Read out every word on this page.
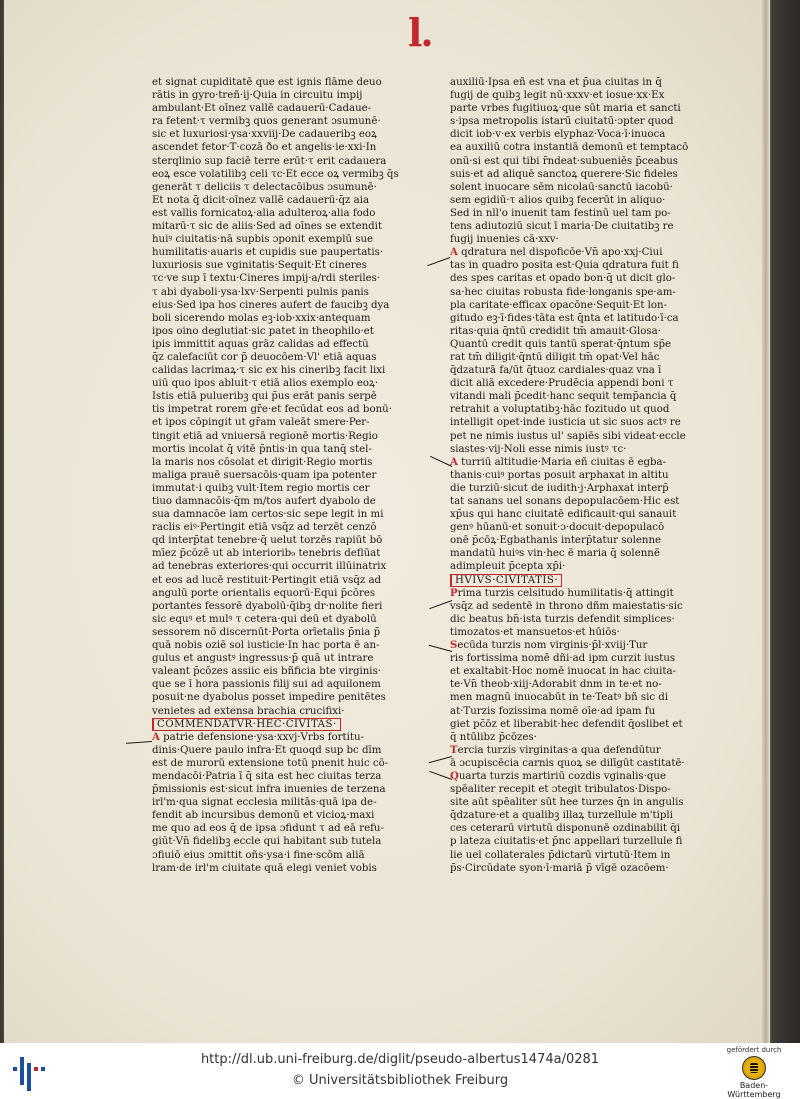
l.
et signat cupiditatē que est ignis flāme deuo
rātis in gyro·treñ·ij·Quia in circuitu impij
ambulant·Et oīnez vallē cadauerū·Cadaue-
ra fetent·τ vermibꝫ quos generant ɔsumunē·
sic et luxuriosi·ysa·xxviij·De cadaueribꝫ eoꝝ
ascendet fetor·T·cozā ðo et angelis·ie·xxi·In
sterqlinio sup faciē terre erūt·τ erit cadauera
eoꝝ esce volatilibꝫ celi τc·Et ecce oꝝ vermibꝫ q̄s
generāt τ deliciis τ delectacōibus ɔsumunē·
Et nota q̄ dicit·oīnez vallē cadauerū·q̄z aia
est vallis fornicatoꝝ·alia adulteroꝝ·alia fodo
mitarū·τ sic de aliis·Sed ad oīnes se extendit
huiꝰ ciuitatis·nā supbis ɔponit exemplū sue
humilitatis·auaris et cupidis sue paupertatis·
luxuriosis sue vginitatis·Sequit·Et cineres
τc·ve sup ī textu·Cineres impij·a/rdi steriles·
τ abi dyaboli·ysa·lxv·Serpenti pulnis panis
eius·Sed ipa hos cineres aufert de faucibꝫ dya
boli sicerendo molas eꝫ·iob·xxix·antequam
ipos oino deglutiat·sic patet in theophilo·et
ipis immittit aquas grāz calidas ad effectū
q̄z calefaciūt cor p̄ deuocōem·Vl' etiā aquas
calidas lacrimaꝝ·τ sic ex his cineribꝫ facit lixi
uiū quo ipos abluit·τ etiā alios exemplo eoꝝ·
Istis etiā pulueribꝫ qui p̄us erāt panis serpē
tis impetrat rorem gr̄e·et fecūdat eos ad bonū·
et ipos cōpingit ut gr̄am valeāt smere·Per-
tingit etiā ad vniuersā regionē mortis·Regio
mortis incolat q̄ vitē p̄ntis·in qua tanq̄ stel-
la maris nos cōsolat et dirigit·Regio mortis
maliga prauē suersacōis·quam ipa potenter
immutat·i quibꝫ vult·Item regio mortis cer
tiuo damnacōis·q̄m m/tos aufert dyabolo de
sua damnacōe iam certos·sic sepe legit in mi
raclis eiꝰ·Pertingit etiā vsq̄z ad terzēt cenzō
qd interp̄tat tenebre·q̄ uelut torzēs rapiūt bō
mīez p̄cōzē ut ab interiorib₉ tenebris deflūat
ad tenebras exteriores·qui occurrit illūinatrix
et eos ad lucē restituit·Pertingit etiā vsq̄z ad
angulū porte orientalis equorū·Equi p̄cōres
portantes fessorē dyabolū·q̄ibꝫ d̄r·nolite fieri
sic equꝰ et mulꝰ τ cetera·qui deū et dyabolū
sessorem nō discernūt·Porta orīetalis p̄nia p̄
quā nobis oziē sol iusticie·In hac porta ē an-
gulus et angustꝰ ingressus·p̄ quā ut intrare
valeant p̄cōzes assiic eis bñficia bte virginis·
que se ī hora passionis filij sui ad aquilonem
posuit·ne dyabolus posset impedire penitētes
venietes ad extensa brachia crucifixi·
COMMENDATVR·HEC·CIVITAS·
A patrie defensione·ysa·xxvj·Vrbs fortitu-
dinis·Quere paulo infra·Et quoqd sup b̄c dīm
est de murorū extensione totū pnenit huic cō-
mendacōi·Patria ī q̄ sita est hec ciuitas terza
p̄missionis est·sicut infra inuenies de terzena
irl'm·qua signat ecclesia militās·quā ipa de-
fendit ab incursibus demonū et vicioꝝ·maxi
me quo ad eos q̄ de ipsa ɔfidunt τ ad eā refu-
giūt·Vn̄ fidelibꝫ eccle qui habitant sub tutela
ɔfiuiō eius ɔmittit oñs·ysa·i fine·scōm aliā
lram·de irl'm ciuitate quā elegi veniet vobis
auxiliū·Ipsa eñ est vna et p̄ua ciuitas in q̄
fugij de quibꝫ legit nū·xxxv·et iosue·xx·Ex
parte vrbes fugitiuoꝝ·que sūt maria et sancti
s·ipsa metropolis istarū ciuitatū·ɔpter quod
dicit iob·v·ex verbis elyphaz·Voca·ī·inuoca
ea auxiliū cotra instantiā demonū et temptacō
onū·si est qui tibi r̄ndeat·subueniēs p̄ceabus
suis·et ad aliquē sanctoꝝ querere·Sic fideles
solent inuocare sēm nicolaū·sanctū iacobū·
sem egidiū·τ alios quibꝫ fecerūt in aliquo·
Sed in nll'o inuenit tam festinū uel tam po-
tens adiutoziū sicut ī maria·De ciuitatibꝫ re
fugij inuenies cā·xxv·
A qdratura nel dispoficōe·Vn̄ apo·xxj·Ciui
tas in quadro posita est·Quia qdratura fuit fi
des spes caritas et opado bon·q̄ ut dicit glo-
sa·hec ciuitas robusta fide·longanis spe·am-
pla caritate·efficax opacōne·Sequit·Et lon-
gitudo eꝫ·ī·fides·tāta est q̄nta et latitudo·ī·ca
ritas·quia q̄ntū credidit tm̄ amauit·Glosa·
Quantū credit quis tantū sperat·q̄ntum sp̄e
rat tm̄ diligit·q̄ntū diligit tm̄ opat·Vel hāc
q̄dzaturā fa/ūt q̄tuoz cardiales·quaz vna ī
dicit aliā excedere·Prudēcia appendi boni τ
vitandi mali p̄cedit·hanc sequit temp̄ancia q̄
retrahit a voluptatibꝫ·hāc fozitudo ut quod
intelligit opet·inde iusticia ut sic suos actꝰ re
pet ne nimis iustus ul' sapiēs sibi videat·eccle
siastes·vij·Noli esse nimis iustꝰ τc·
A turriū altitudie·Maria eñ ciuitas ē egba-
thanis·cuiꝰ portas posuit arphaxat in altitu
die turziū·sicut de iudith·j·Arphaxat interp̄
tat sanans uel sonans depopulacōem·Hic est
xp̄us qui hanc ciuitatē edificauit·qui sanauit
genꝰ hūanū·et sonuit·ɔ·docuit·depopulacō
onē p̄cōꝝ·Egbathanis interp̄tatur solenne
mandatū huiꝰs vin·hec ē maria q̄ solennē
adimpleuit p̄cepta xp̄i·
HVIVS·CIVITATIS·
Prima turzis celsitudo humilitatis·q̄ attingit
vsq̄z ad sedentē in throno dñm maiestatis·sic
dic beatus bn̄·ista turzis defendit simplices·
timozatos·et mansuetos·et hūiōs·
Secūda turzis nom virginis·p̄l·xviij·Tur
ris fortissima nomē dñi·ad ipm curzit iustus
et exaltabit·Hoc nomē inuocat in hac ciuita-
te·Vn̄ theob·xiij·Adorabit dnm in te·et no-
men magnū inuocabūt in te·Teatꝰ bñ sic di
at·Turzis fozissima nomē oīe·ad ipam fu
giet pc̄ōz et liberabit·hec defendit q̄oslibet et
q̄ ntūlibz p̄cōzes·
Tercia turzis virginitas·a qua defendūtur
ā ɔcupiscēcia carnis quoꝝ se dilīgūt castitatē·
Quarta turzis martiriū cozdis vginalis·que
spēaliter recepit et ɔtegit tribulatos·Dispo-
site aūt spēaliter sūt hee turzes q̄n in angulis
q̄dzature·et a qualibꝫ illaꝝ turzellule m'tipli
ces ceterarū virtutū disponunē ozdinabilit q̄i
p lateza ciuitatis·et p̄nc appellari turzellule fi
lie uel collaterales p̄dictarū virtutū·Item in
p̄s·Circūdate syon·ī·mariā p̄ vīgē ozacōem·
http://dl.ub.uni-freiburg.de/diglit/pseudo-albertus1474a/0281
© Universitätsbibliothek Freiburg
gefördert durch
Baden-Württemberg
